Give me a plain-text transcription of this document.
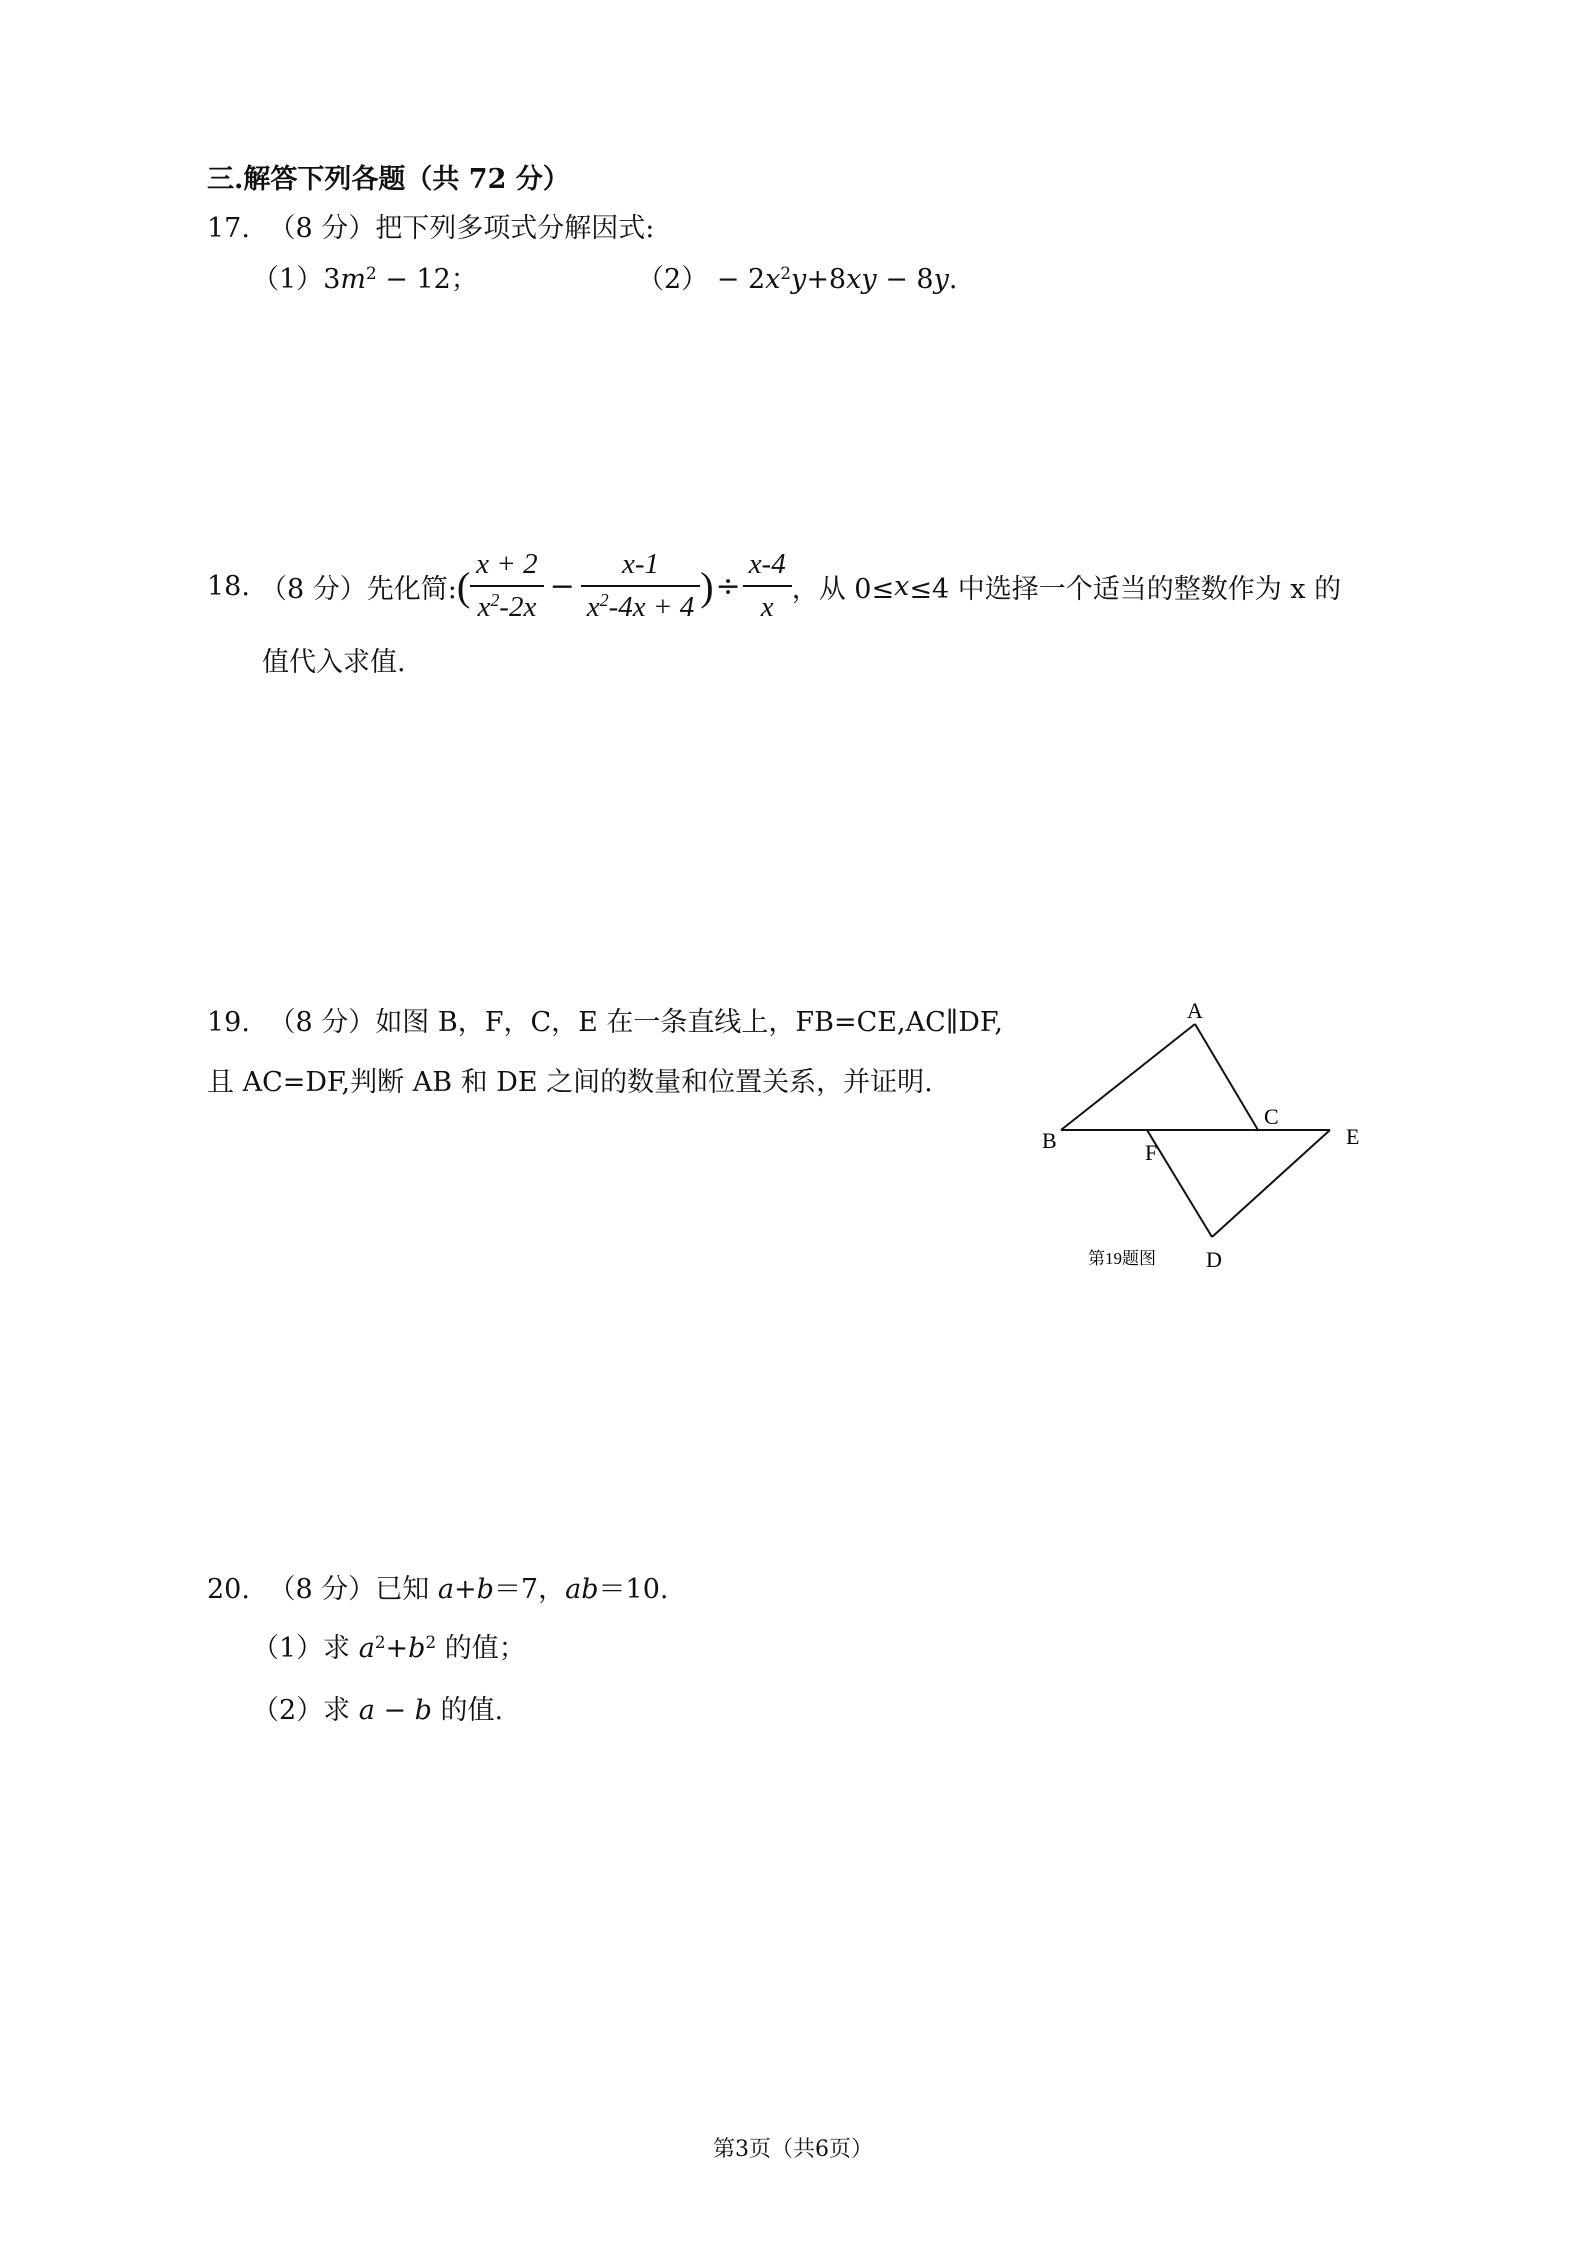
三.解答下列各题（共 72 分）
17. （8 分）把下列多项式分解因式:
$(1)3m^2 - 12$；	$(2) - 2x^2y+8xy - 8y$.
18. （8 分） 先化简: ( $\frac{x + 2}{x^2-2x} - \frac{x-1}{x^2-4x + 4}$ ) ÷ $\frac{x-4}{x}$ ，从 0≤ x ≤4 中选择一个适当的整数作为 x 的
值代入求值.
19. （8 分）如图 B，F，C，E 在一条直线上，FB=CE,AC∥DF,
且 AC=DF,判断 AB 和 DE 之间的数量和位置关系，并证明.
A
B	F
C
E
D
第19题图
20. （8 分）已知 a+b＝7，ab＝10.
（1）求 $a^2+b^2$ 的值；
（2）求 a − b 的值.
第3页（共6页）
